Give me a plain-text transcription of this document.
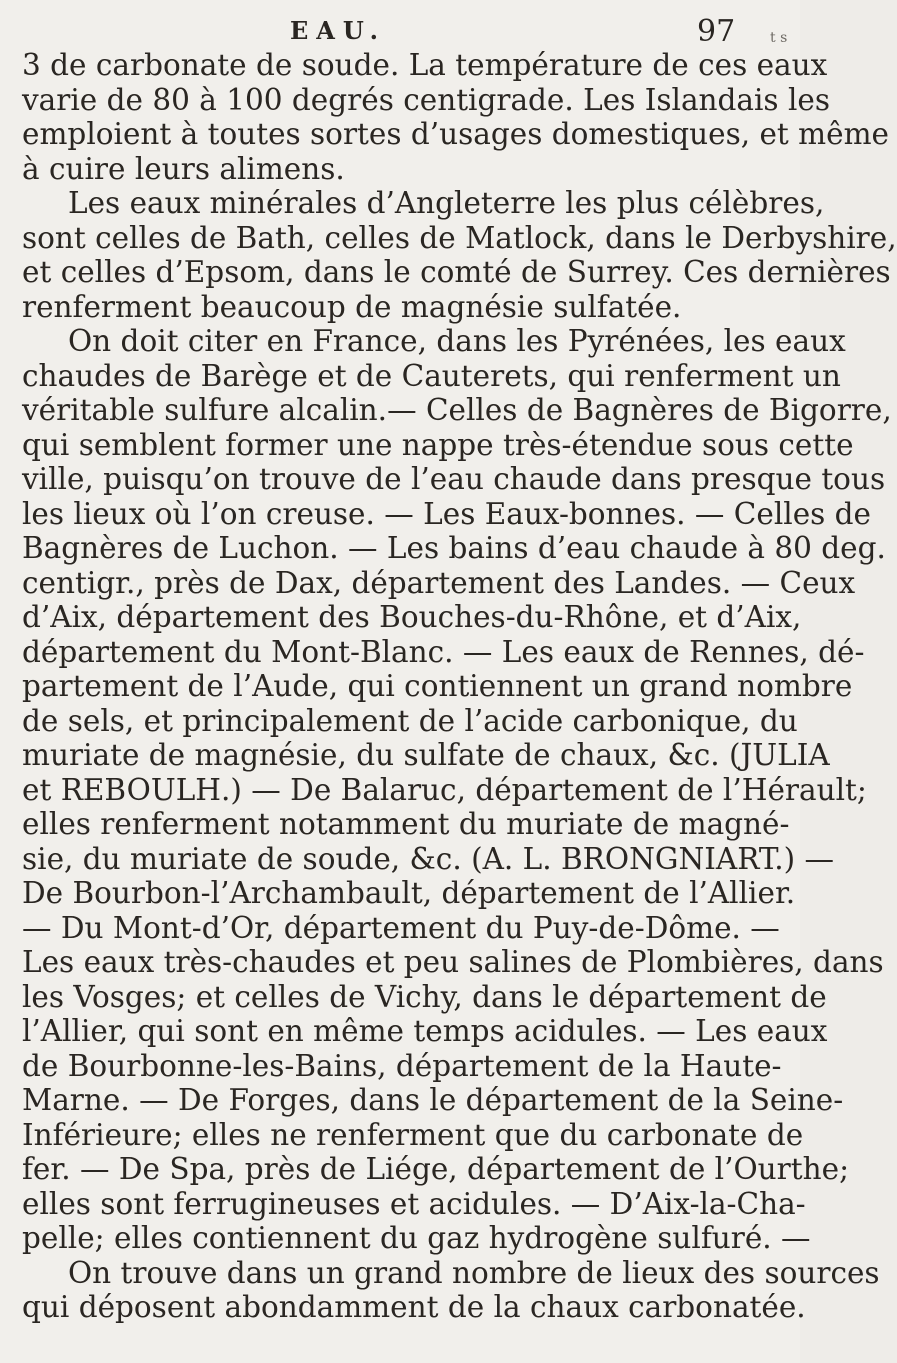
EAU.	97 t s
3 de carbonate de soude. La température de ces eaux
varie de 80 à 100 degrés centigrade. Les Islandais les
emploient à toutes sortes d’usages domestiques, et même
à cuire leurs alimens.
Les eaux minérales d’Angleterre les plus célèbres,
sont celles de Bath, celles de Matlock, dans le Derbyshire,
et celles d’Epsom, dans le comté de Surrey. Ces dernières
renferment beaucoup de magnésie sulfatée.
On doit citer en France, dans les Pyrénées, les eaux
chaudes de Barège et de Cauterets, qui renferment un
véritable sulfure alcalin.— Celles de Bagnères de Bigorre,
qui semblent former une nappe très-étendue sous cette
ville, puisqu’on trouve de l’eau chaude dans presque tous
les lieux où l’on creuse. — Les Eaux-bonnes. — Celles de
Bagnères de Luchon. — Les bains d’eau chaude à 80 deg.
centigr., près de Dax, département des Landes. — Ceux
d’Aix, département des Bouches-du-Rhône, et d’Aix,
département du Mont-Blanc. — Les eaux de Rennes, dé-
partement de l’Aude, qui contiennent un grand nombre
de sels, et principalement de l’acide carbonique, du
muriate de magnésie, du sulfate de chaux, &c. (JULIA
et REBOULH.) — De Balaruc, département de l’Hérault;
elles renferment notamment du muriate de magné-
sie, du muriate de soude, &c. (A. L. BRONGNIART.) —
De Bourbon-l’Archambault, département de l’Allier.
— Du Mont-d’Or, département du Puy-de-Dôme. —
Les eaux très-chaudes et peu salines de Plombières, dans
les Vosges; et celles de Vichy, dans le département de
l’Allier, qui sont en même temps acidules. — Les eaux
de Bourbonne-les-Bains, département de la Haute-
Marne. — De Forges, dans le département de la Seine-
Inférieure; elles ne renferment que du carbonate de
fer. — De Spa, près de Liége, département de l’Ourthe;
elles sont ferrugineuses et acidules. — D’Aix-la-Cha-
pelle; elles contiennent du gaz hydrogène sulfuré. —
On trouve dans un grand nombre de lieux des sources
qui déposent abondamment de la chaux carbonatée.
